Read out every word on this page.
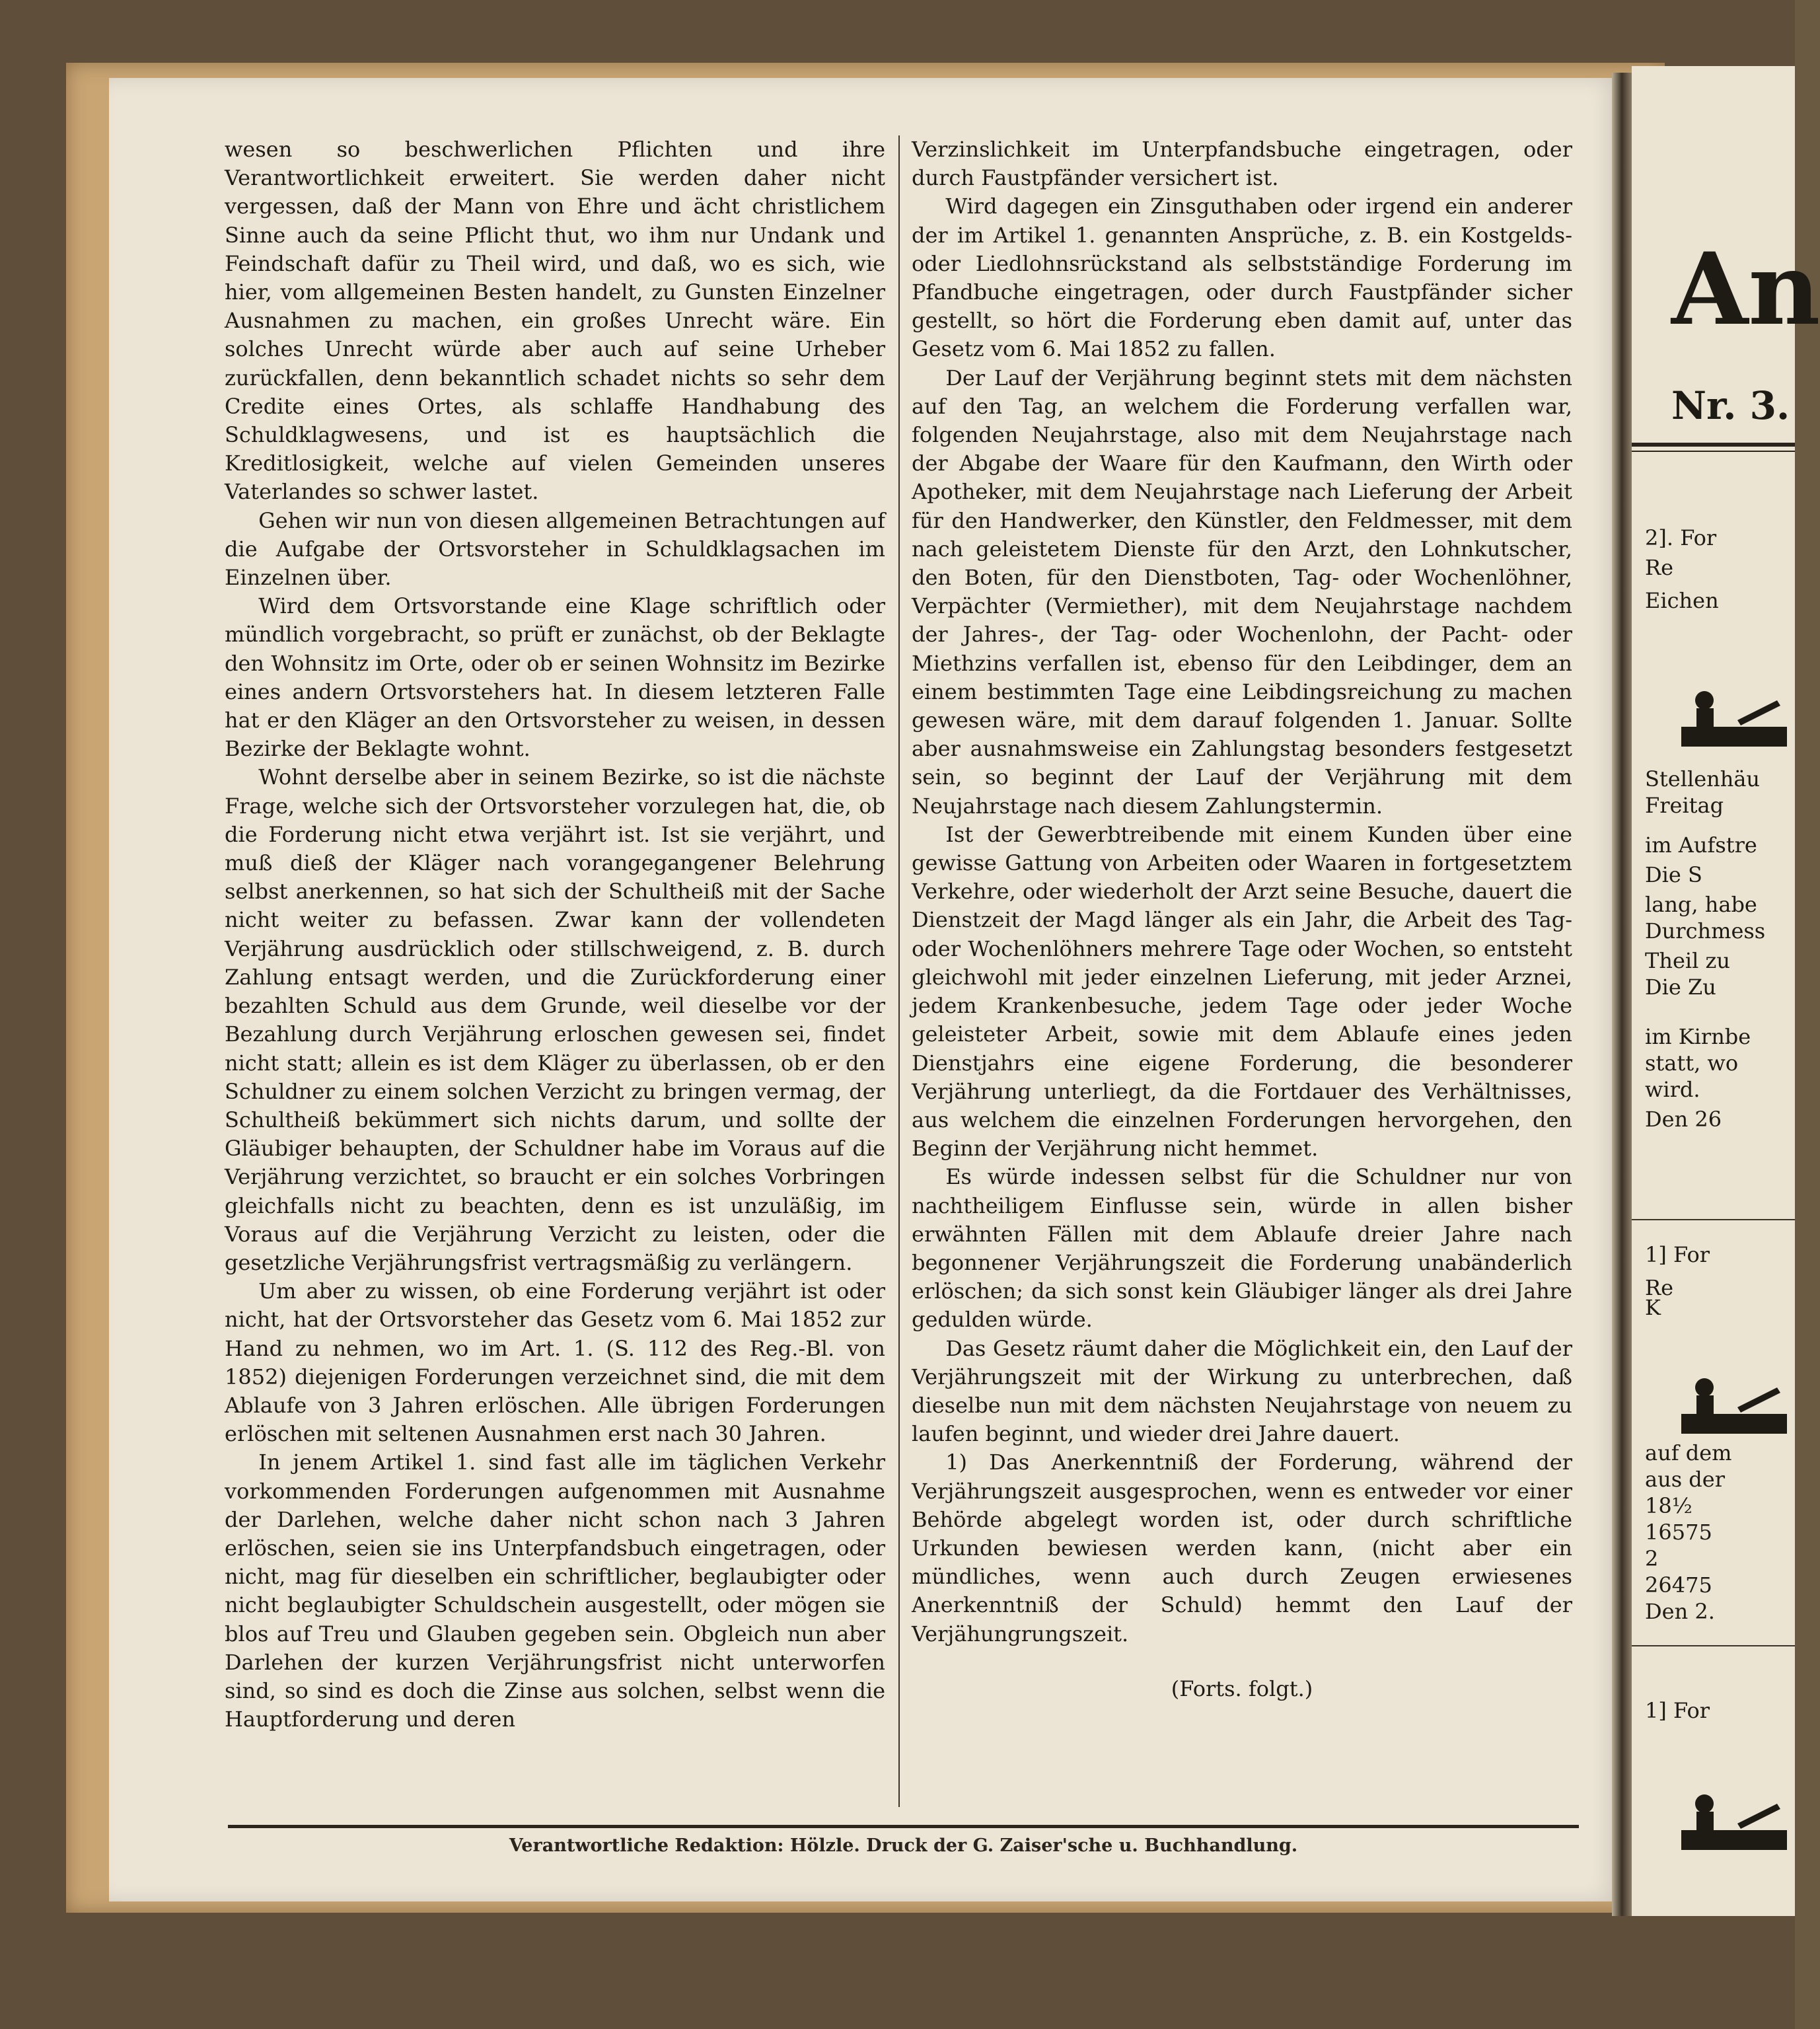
wesen so beschwerlichen Pflichten und ihre Verantwortlichkeit erweitert. Sie werden daher nicht vergessen, daß der Mann von Ehre und ächt christlichem Sinne auch da seine Pflicht thut, wo ihm nur Undank und Feindschaft dafür zu Theil wird, und daß, wo es sich, wie hier, vom allgemeinen Besten handelt, zu Gunsten Einzelner Ausnahmen zu machen, ein großes Unrecht wäre. Ein solches Unrecht würde aber auch auf seine Urheber zurückfallen, denn bekanntlich schadet nichts so sehr dem Credite eines Ortes, als schlaffe Handhabung des Schuldklagwesens, und ist es hauptsächlich die Kreditlosigkeit, welche auf vielen Gemeinden unseres Vaterlandes so schwer lastet.

Gehen wir nun von diesen allgemeinen Betrachtungen auf die Aufgabe der Ortsvorsteher in Schuldklagsachen im Einzelnen über.

Wird dem Ortsvorstande eine Klage schriftlich oder mündlich vorgebracht, so prüft er zunächst, ob der Beklagte den Wohnsitz im Orte, oder ob er seinen Wohnsitz im Bezirke eines andern Ortsvorstehers hat. In diesem letzteren Falle hat er den Kläger an den Ortsvorsteher zu weisen, in dessen Bezirke der Beklagte wohnt.

Wohnt derselbe aber in seinem Bezirke, so ist die nächste Frage, welche sich der Ortsvorsteher vorzulegen hat, die, ob die Forderung nicht etwa verjährt ist. Ist sie verjährt, und muß dieß der Kläger nach vorangegangener Belehrung selbst anerkennen, so hat sich der Schultheiß mit der Sache nicht weiter zu befassen. Zwar kann der vollendeten Verjährung ausdrücklich oder stillschweigend, z. B. durch Zahlung entsagt werden, und die Zurückforderung einer bezahlten Schuld aus dem Grunde, weil dieselbe vor der Bezahlung durch Verjährung erloschen gewesen sei, findet nicht statt; allein es ist dem Kläger zu überlassen, ob er den Schuldner zu einem solchen Verzicht zu bringen vermag, der Schultheiß bekümmert sich nichts darum, und sollte der Gläubiger behaupten, der Schuldner habe im Voraus auf die Verjährung verzichtet, so braucht er ein solches Vorbringen gleichfalls nicht zu beachten, denn es ist unzuläßig, im Voraus auf die Verjährung Verzicht zu leisten, oder die gesetzliche Verjährungsfrist vertragsmäßig zu verlängern.

Um aber zu wissen, ob eine Forderung verjährt ist oder nicht, hat der Ortsvorsteher das Gesetz vom 6. Mai 1852 zur Hand zu nehmen, wo im Art. 1. (S. 112 des Reg.-Bl. von 1852) diejenigen Forderungen verzeichnet sind, die mit dem Ablaufe von 3 Jahren erlöschen. Alle übrigen Forderungen erlöschen mit seltenen Ausnahmen erst nach 30 Jahren.

In jenem Artikel 1. sind fast alle im täglichen Verkehr vorkommenden Forderungen aufgenommen mit Ausnahme der Darlehen, welche daher nicht schon nach 3 Jahren erlöschen, seien sie ins Unterpfandsbuch eingetragen, oder nicht, mag für dieselben ein schriftlicher, beglaubigter oder nicht beglaubigter Schuldschein ausgestellt, oder mögen sie blos auf Treu und Glauben gegeben sein. Obgleich nun aber Darlehen der kurzen Verjährungsfrist nicht unterworfen sind, so sind es doch die Zinse aus solchen, selbst wenn die Hauptforderung und deren

Verzinslichkeit im Unterpfandsbuche eingetragen, oder durch Faustpfänder versichert ist.

Wird dagegen ein Zinsguthaben oder irgend ein anderer der im Artikel 1. genannten Ansprüche, z. B. ein Kostgelds- oder Liedlohnsrückstand als selbstständige Forderung im Pfandbuche eingetragen, oder durch Faustpfänder sicher gestellt, so hört die Forderung eben damit auf, unter das Gesetz vom 6. Mai 1852 zu fallen.

Der Lauf der Verjährung beginnt stets mit dem nächsten auf den Tag, an welchem die Forderung verfallen war, folgenden Neujahrstage, also mit dem Neujahrstage nach der Abgabe der Waare für den Kaufmann, den Wirth oder Apotheker, mit dem Neujahrstage nach Lieferung der Arbeit für den Handwerker, den Künstler, den Feldmesser, mit dem nach geleistetem Dienste für den Arzt, den Lohnkutscher, den Boten, für den Dienstboten, Tag- oder Wochenlöhner, Verpächter (Vermiether), mit dem Neujahrstage nachdem der Jahres-, der Tag- oder Wochenlohn, der Pacht- oder Miethzins verfallen ist, ebenso für den Leibdinger, dem an einem bestimmten Tage eine Leibdingsreichung zu machen gewesen wäre, mit dem darauf folgenden 1. Januar. Sollte aber ausnahmsweise ein Zahlungstag besonders festgesetzt sein, so beginnt der Lauf der Verjährung mit dem Neujahrstage nach diesem Zahlungstermin.

Ist der Gewerbtreibende mit einem Kunden über eine gewisse Gattung von Arbeiten oder Waaren in fortgesetztem Verkehre, oder wiederholt der Arzt seine Besuche, dauert die Dienstzeit der Magd länger als ein Jahr, die Arbeit des Tag- oder Wochenlöhners mehrere Tage oder Wochen, so entsteht gleichwohl mit jeder einzelnen Lieferung, mit jeder Arznei, jedem Krankenbesuche, jedem Tage oder jeder Woche geleisteter Arbeit, sowie mit dem Ablaufe eines jeden Dienstjahrs eine eigene Forderung, die besonderer Verjährung unterliegt, da die Fortdauer des Verhältnisses, aus welchem die einzelnen Forderungen hervorgehen, den Beginn der Verjährung nicht hemmet.

Es würde indessen selbst für die Schuldner nur von nachtheiligem Einflusse sein, würde in allen bisher erwähnten Fällen mit dem Ablaufe dreier Jahre nach begonnener Verjährungszeit die Forderung unabänderlich erlöschen; da sich sonst kein Gläubiger länger als drei Jahre gedulden würde.

Das Gesetz räumt daher die Möglichkeit ein, den Lauf der Verjährungszeit mit der Wirkung zu unterbrechen, daß dieselbe nun mit dem nächsten Neujahrstage von neuem zu laufen beginnt, und wieder drei Jahre dauert.

1) Das Anerkenntniß der Forderung, während der Verjährungszeit ausgesprochen, wenn es entweder vor einer Behörde abgelegt worden ist, oder durch schriftliche Urkunden bewiesen werden kann, (nicht aber ein mündliches, wenn auch durch Zeugen erwiesenes Anerkenntniß der Schuld) hemmt den Lauf der Verjähungrungszeit.

(Forts. folgt.)

Verantwortliche Redaktion: Hölzle. Druck der G. Zaiser'sche u. Buchhandlung.
An
Nr. 3.
2]. For
Re
Eichen
Stellenhäu
Freitag
im Aufstre
Die S
lang, habe
Durchmess
Theil zu
Die Zu
im Kirnbe
statt, wo
wird.
Den 26
1] For
Re
K
auf dem
aus der
18½
16575
2
26475
Den 2.
1] For
